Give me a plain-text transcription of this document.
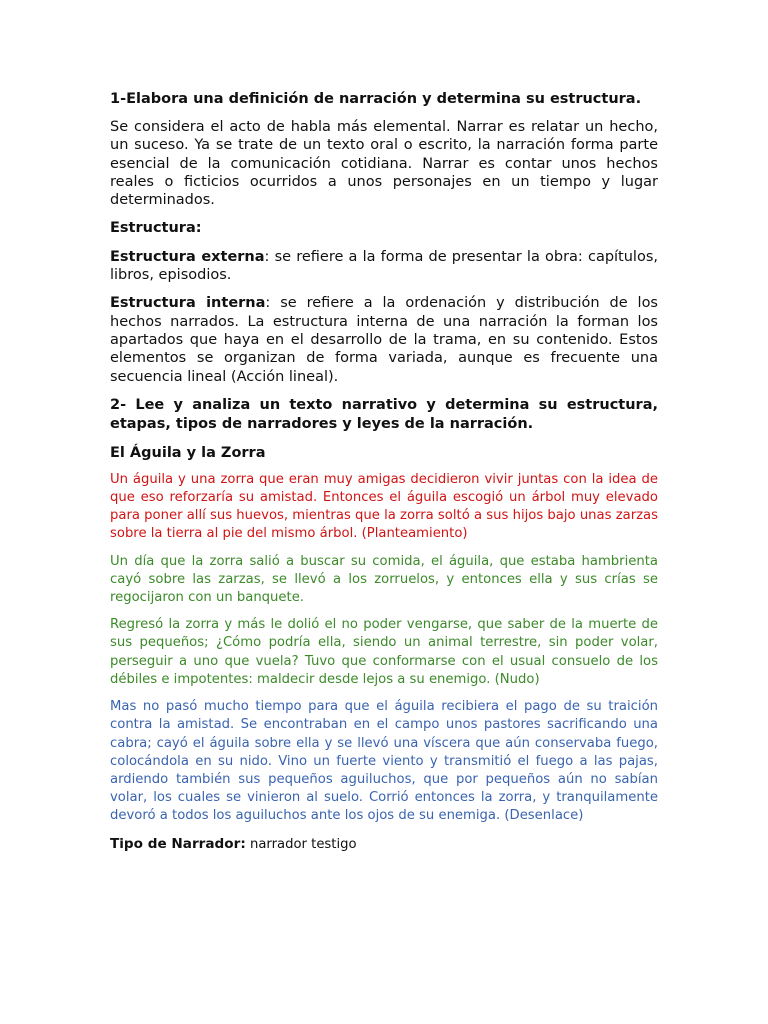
1-Elabora una definición de narración y determina su estructura.

Se considera el acto de habla más elemental. Narrar es relatar un hecho, un suceso. Ya se trate de un texto oral o escrito, la narración forma parte esencial de la comunicación cotidiana. Narrar es contar unos hechos reales o ficticios ocurridos a unos personajes en un tiempo y lugar determinados.

Estructura:

Estructura externa: se refiere a la forma de presentar la obra: capítulos, libros, episodios.

Estructura interna: se refiere a la ordenación y distribución de los hechos narrados. La estructura interna de una narración la forman los apartados que haya en el desarrollo de la trama, en su contenido. Estos elementos se organizan de forma variada, aunque es frecuente una secuencia lineal (Acción lineal).

2- Lee y analiza un texto narrativo y determina su estructura, etapas, tipos de narradores y leyes de la narración.

El Águila y la Zorra

Un águila y una zorra que eran muy amigas decidieron vivir juntas con la idea de que eso reforzaría su amistad. Entonces el águila escogió un árbol muy elevado para poner allí sus huevos, mientras que la zorra soltó a sus hijos bajo unas zarzas sobre la tierra al pie del mismo árbol. (Planteamiento)

Un día que la zorra salió a buscar su comida, el águila, que estaba hambrienta cayó sobre las zarzas, se llevó a los zorruelos, y entonces ella y sus crías se regocijaron con un banquete.

Regresó la zorra y más le dolió el no poder vengarse, que saber de la muerte de sus pequeños; ¿Cómo podría ella, siendo un animal terrestre, sin poder volar, perseguir a uno que vuela? Tuvo que conformarse con el usual consuelo de los débiles e impotentes: maldecir desde lejos a su enemigo. (Nudo)

Mas no pasó mucho tiempo para que el águila recibiera el pago de su traición contra la amistad. Se encontraban en el campo unos pastores sacrificando una cabra; cayó el águila sobre ella y se llevó una víscera que aún conservaba fuego, colocándola en su nido. Vino un fuerte viento y transmitió el fuego a las pajas, ardiendo también sus pequeños aguiluchos, que por pequeños aún no sabían volar, los cuales se vinieron al suelo. Corrió entonces la zorra, y tranquilamente devoró a todos los aguiluchos ante los ojos de su enemiga. (Desenlace)

Tipo de Narrador: narrador testigo
